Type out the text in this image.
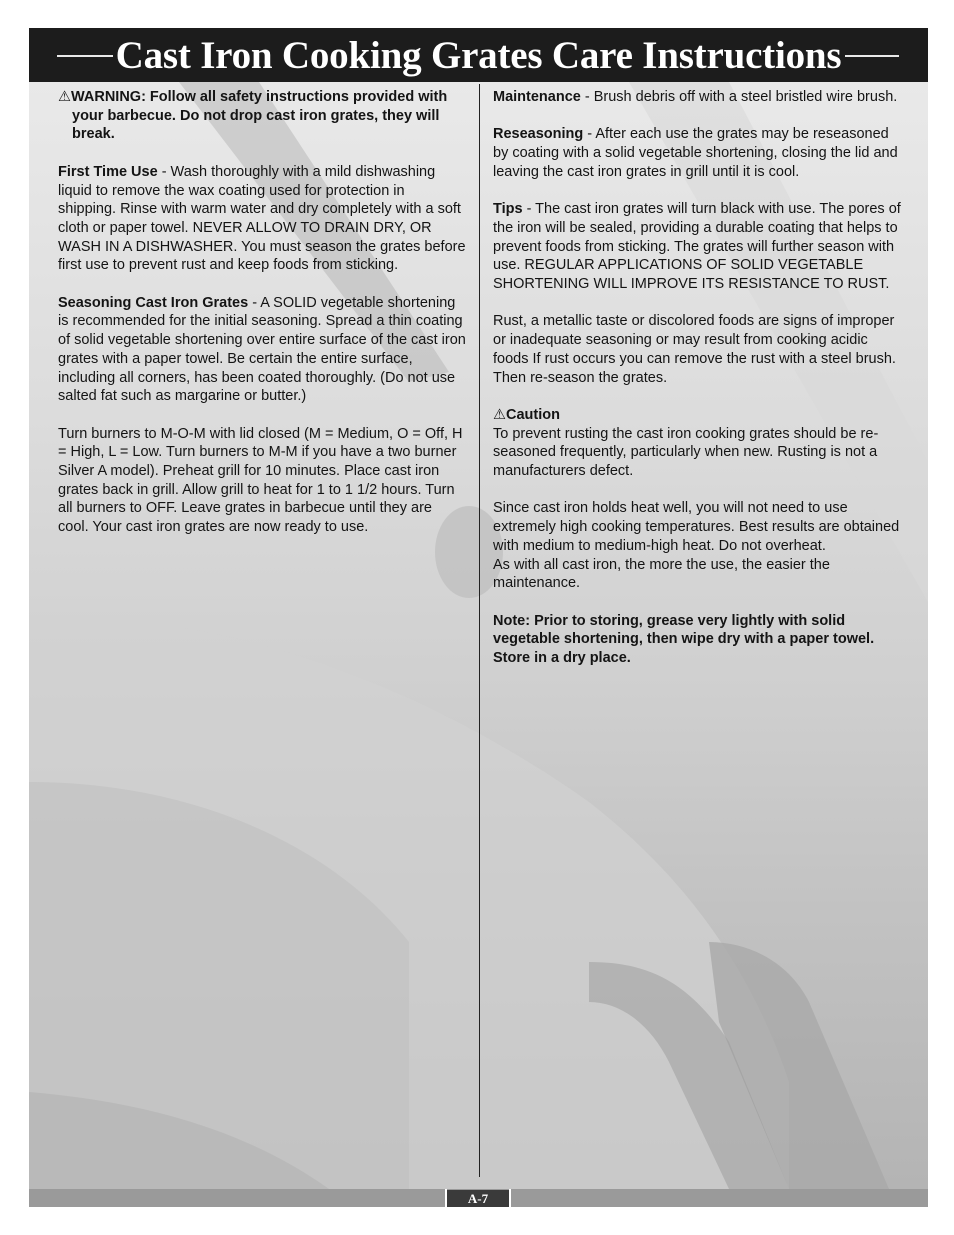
Cast Iron Cooking Grates Care Instructions

⚠WARNING: Follow all safety instructions provided with your barbecue. Do not drop cast iron grates, they will break.

First Time Use - Wash thoroughly with a mild dishwashing liquid to remove the wax coating used for protection in shipping. Rinse with warm water and dry completely with a soft cloth or paper towel. NEVER ALLOW TO DRAIN DRY, OR WASH IN A DISHWASHER. You must season the grates before first use to prevent rust and keep foods from sticking.

Seasoning Cast Iron Grates - A SOLID vegetable shortening is recommended for the initial seasoning. Spread a thin coating of solid vegetable shortening over entire surface of the cast iron grates with a paper towel. Be certain the entire surface, including all corners, has been coated thoroughly. (Do not use salted fat such as margarine or butter.)

Turn burners to M-O-M with lid closed (M = Medium, O = Off, H = High, L = Low. Turn burners to M-M if you have a two burner Silver A model). Preheat grill for 10 minutes. Place cast iron grates back in grill. Allow grill to heat for 1 to 1 1/2 hours. Turn all burners to OFF. Leave grates in barbecue until they are cool. Your cast iron grates are now ready to use.

Maintenance - Brush debris off with a steel bristled wire brush.

Reseasoning - After each use the grates may be reseasoned by coating with a solid vegetable shortening, closing the lid and leaving the cast iron grates in grill until it is cool.

Tips - The cast iron grates will turn black with use. The pores of the iron will be sealed, providing a durable coating that helps to prevent foods from sticking. The grates will further season with use. REGULAR APPLICATIONS OF SOLID VEGETABLE SHORTENING WILL IMPROVE ITS RESISTANCE TO RUST.

Rust, a metallic taste or discolored foods are signs of improper or inadequate seasoning or may result from cooking acidic foods If rust occurs you can remove the rust with a steel brush. Then re-season the grates.

⚠Caution

To prevent rusting the cast iron cooking grates should be re-seasoned frequently, particularly when new. Rusting is not a manufacturers defect.

Since cast iron holds heat well, you will not need to use extremely high cooking temperatures. Best results are obtained with medium to medium-high heat. Do not overheat.

As with all cast iron, the more the use, the easier the maintenance.

Note: Prior to storing, grease very lightly with solid vegetable shortening, then wipe dry with a paper towel. Store in a dry place.

A-7
